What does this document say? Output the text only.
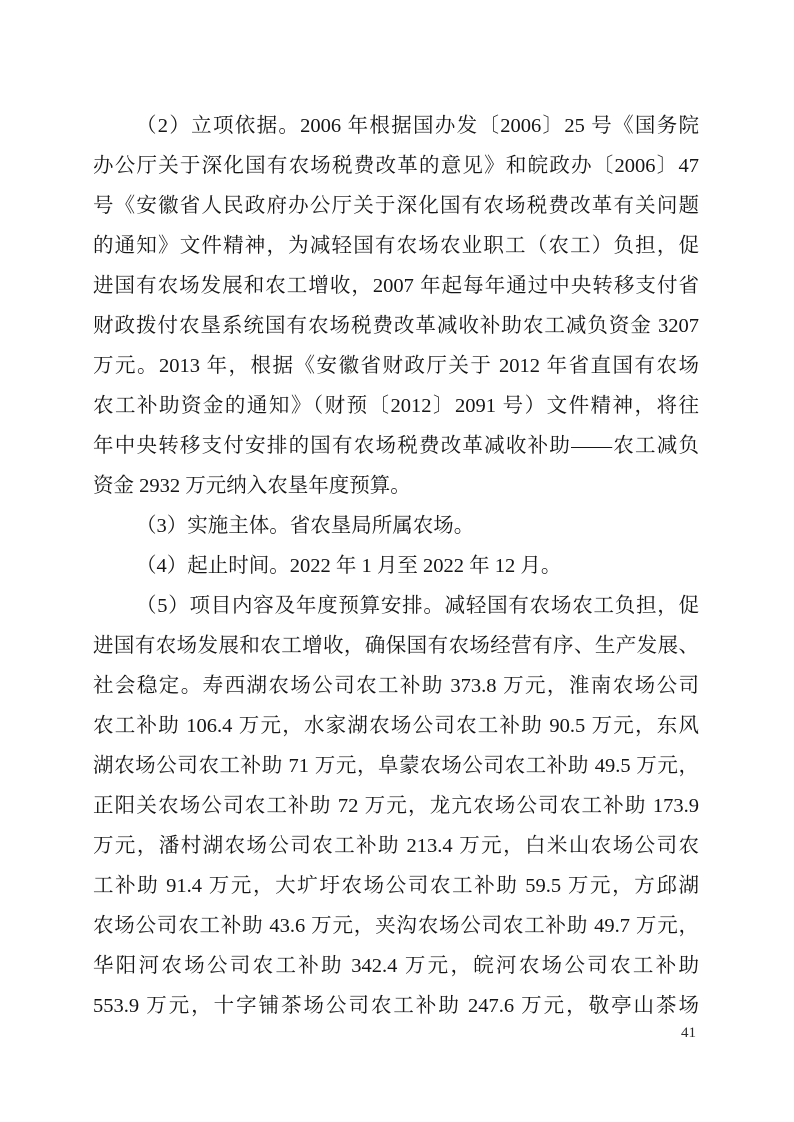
（2）立项依据。2006 年根据国办发〔2006〕25 号《国务院
办公厅关于深化国有农场税费改革的意见》和皖政办〔2006〕47
号《安徽省人民政府办公厅关于深化国有农场税费改革有关问题
的通知》文件精神，为减轻国有农场农业职工（农工）负担，促
进国有农场发展和农工增收，2007 年起每年通过中央转移支付省
财政拨付农垦系统国有农场税费改革减收补助农工减负资金 3207
万元。2013 年，根据《安徽省财政厅关于 2012 年省直国有农场
农工补助资金的通知》（财预〔2012〕2091 号）文件精神，将往
年中央转移支付安排的国有农场税费改革减收补助——农工减负
资金 2932 万元纳入农垦年度预算。
（3）实施主体。省农垦局所属农场。
（4）起止时间。2022 年 1 月至 2022 年 12 月。
（5）项目内容及年度预算安排。减轻国有农场农工负担，促
进国有农场发展和农工增收，确保国有农场经营有序、生产发展、
社会稳定。寿西湖农场公司农工补助 373.8 万元，淮南农场公司
农工补助 106.4 万元，水家湖农场公司农工补助 90.5 万元，东风
湖农场公司农工补助 71 万元，阜蒙农场公司农工补助 49.5 万元，
正阳关农场公司农工补助 72 万元，龙亢农场公司农工补助 173.9
万元，潘村湖农场公司农工补助 213.4 万元，白米山农场公司农
工补助 91.4 万元，大圹圩农场公司农工补助 59.5 万元，方邱湖
农场公司农工补助 43.6 万元，夹沟农场公司农工补助 49.7 万元，
华阳河农场公司农工补助 342.4 万元，皖河农场公司农工补助
553.9 万元，十字铺茶场公司农工补助 247.6 万元，敬亭山茶场
41
